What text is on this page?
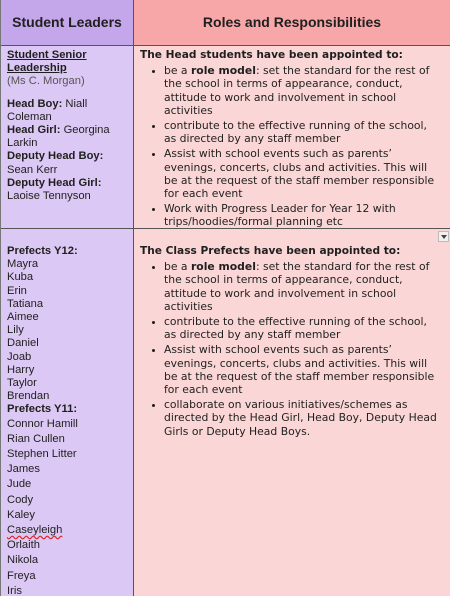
Student Leaders	Roles and Responsibilities
Student Senior
Leadership
(Ms C. Morgan)
Head Boy: Niall
Coleman
Head Girl: Georgina
Larkin
Deputy Head Boy:
Sean Kerr
Deputy Head Girl:
Laoise Tennyson
The Head students have been appointed to:
• be a role model: set the standard for the rest of the school in terms of appearance, conduct, attitude to work and involvement in school activities
• contribute to the effective running of the school, as directed by any staff member
• Assist with school events such as parents’ evenings, concerts, clubs and activities. This will be at the request of the staff member responsible for each event
• Work with Progress Leader for Year 12 with trips/hoodies/formal planning etc
Prefects Y12:
Mayra
Kuba
Erin
Tatiana
Aimee
Lily
Daniel
Joab
Harry
Taylor
Brendan
Prefects Y11:
Connor Hamill
Rian Cullen
Stephen Litter
James
Jude
Cody
Kaley
Caseyleigh
Orlaith
Nikola
Freya
Iris
The Class Prefects have been appointed to:
• be a role model: set the standard for the rest of the school in terms of appearance, conduct, attitude to work and involvement in school activities
• contribute to the effective running of the school, as directed by any staff member
• Assist with school events such as parents’ evenings, concerts, clubs and activities. This will be at the request of the staff member responsible for each event
• collaborate on various initiatives/schemes as directed by the Head Girl, Head Boy, Deputy Head Girls or Deputy Head Boys.
